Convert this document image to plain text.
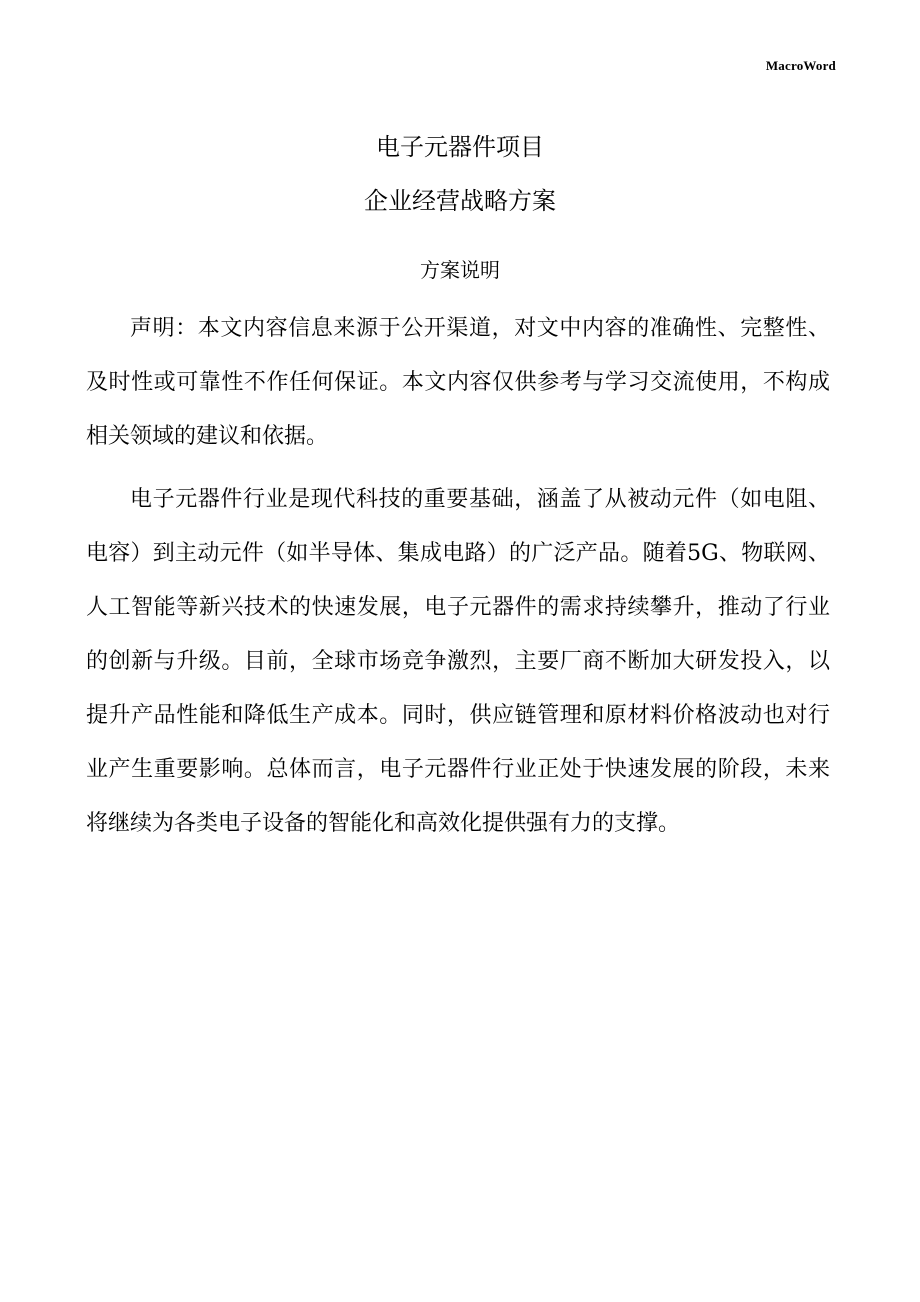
MacroWord
电子元器件项目
企业经营战略方案
方案说明

声明：本文内容信息来源于公开渠道，对文中内容的准确性、完整性、及时性或可靠性不作任何保证。本文内容仅供参考与学习交流使用，不构成相关领域的建议和依据。

电子元器件行业是现代科技的重要基础，涵盖了从被动元件（如电阻、电容）到主动元件（如半导体、集成电路）的广泛产品。随着5G、物联网、人工智能等新兴技术的快速发展，电子元器件的需求持续攀升，推动了行业的创新与升级。目前，全球市场竞争激烈，主要厂商不断加大研发投入，以提升产品性能和降低生产成本。同时，供应链管理和原材料价格波动也对行业产生重要影响。总体而言，电子元器件行业正处于快速发展的阶段，未来将继续为各类电子设备的智能化和高效化提供强有力的支撑。
